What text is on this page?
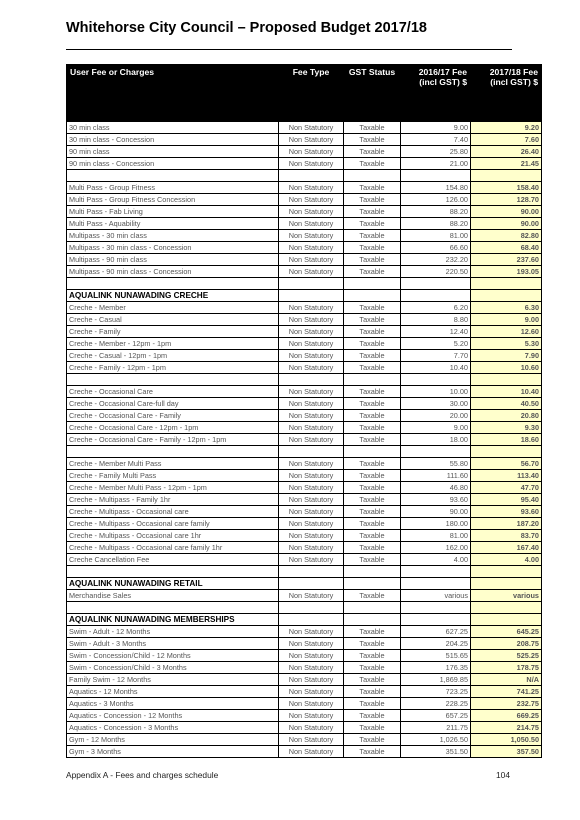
Whitehorse City Council – Proposed Budget 2017/18
User Fee or Charges	Fee Type	GST Status	2016/17 Fee (incl GST) $	2017/18 Fee (incl GST) $
30 min class	Non Statutory	Taxable	9.00	9.20
30 min class - Concession	Non Statutory	Taxable	7.40	7.60
90 min class	Non Statutory	Taxable	25.80	26.40
90 min class - Concession	Non Statutory	Taxable	21.00	21.45

Multi Pass - Group Fitness	Non Statutory	Taxable	154.80	158.40
Multi Pass - Group Fitness Concession	Non Statutory	Taxable	126.00	128.70
Multi Pass - Fab Living	Non Statutory	Taxable	88.20	90.00
Multi Pass - Aquability	Non Statutory	Taxable	88.20	90.00
Multipass - 30 min class	Non Statutory	Taxable	81.00	82.80
Multipass - 30 min class - Concession	Non Statutory	Taxable	66.60	68.40
Multipass - 90 min class	Non Statutory	Taxable	232.20	237.60
Multipass - 90 min class - Concession	Non Statutory	Taxable	220.50	193.05

AQUALINK NUNAWADING CRECHE				
Creche - Member	Non Statutory	Taxable	6.20	6.30
Creche - Casual	Non Statutory	Taxable	8.80	9.00
Creche - Family	Non Statutory	Taxable	12.40	12.60
Creche - Member - 12pm - 1pm	Non Statutory	Taxable	5.20	5.30
Creche - Casual - 12pm - 1pm	Non Statutory	Taxable	7.70	7.90
Creche - Family - 12pm - 1pm	Non Statutory	Taxable	10.40	10.60

Creche - Occasional Care	Non Statutory	Taxable	10.00	10.40
Creche - Occasional Care-full day	Non Statutory	Taxable	30.00	40.50
Creche - Occasional Care - Family	Non Statutory	Taxable	20.00	20.80
Creche - Occasional Care - 12pm - 1pm	Non Statutory	Taxable	9.00	9.30
Creche - Occasional Care - Family - 12pm - 1pm	Non Statutory	Taxable	18.00	18.60

Creche - Member Multi Pass	Non Statutory	Taxable	55.80	56.70
Creche - Family Multi Pass	Non Statutory	Taxable	111.60	113.40
Creche - Member Multi Pass - 12pm - 1pm	Non Statutory	Taxable	46.80	47.70
Creche - Multipass - Family 1hr	Non Statutory	Taxable	93.60	95.40
Creche - Multipass - Occasional care	Non Statutory	Taxable	90.00	93.60
Creche - Multipass - Occasional care family	Non Statutory	Taxable	180.00	187.20
Creche - Multipass - Occasional care 1hr	Non Statutory	Taxable	81.00	83.70
Creche - Multipass - Occasional care family 1hr	Non Statutory	Taxable	162.00	167.40
Creche Cancellation Fee	Non Statutory	Taxable	4.00	4.00

AQUALINK NUNAWADING RETAIL				
Merchandise Sales	Non Statutory	Taxable	various	various

AQUALINK NUNAWADING MEMBERSHIPS				
Swim - Adult - 12 Months	Non Statutory	Taxable	627.25	645.25
Swim - Adult - 3 Months	Non Statutory	Taxable	204.25	208.75
Swim - Concession/Child - 12 Months	Non Statutory	Taxable	515.65	525.25
Swim - Concession/Child - 3 Months	Non Statutory	Taxable	176.35	178.75
Family Swim - 12 Months	Non Statutory	Taxable	1,869.85	N/A
Aquatics - 12 Months	Non Statutory	Taxable	723.25	741.25
Aquatics - 3 Months	Non Statutory	Taxable	228.25	232.75
Aquatics - Concession - 12 Months	Non Statutory	Taxable	657.25	669.25
Aquatics - Concession - 3 Months	Non Statutory	Taxable	211.75	214.75
Gym - 12 Months	Non Statutory	Taxable	1,026.50	1,050.50
Gym - 3 Months	Non Statutory	Taxable	351.50	357.50
Appendix A - Fees and charges schedule	104
